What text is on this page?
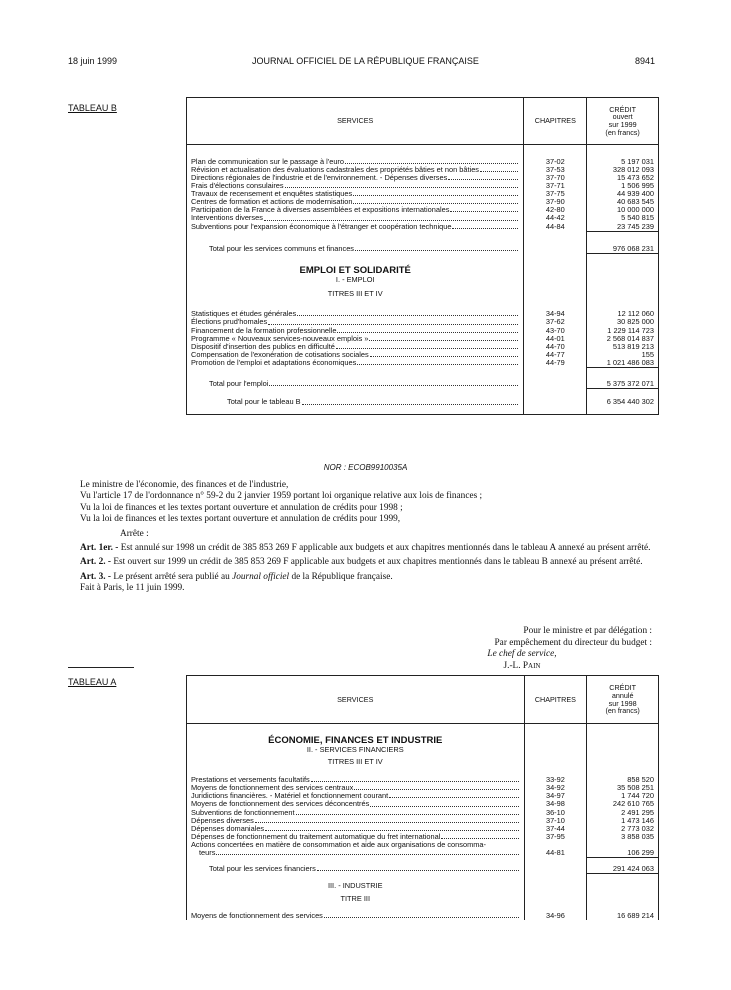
18 juin 1999	JOURNAL OFFICIEL DE LA RÉPUBLIQUE FRANÇAISE	8941
TABLEAU B
SERVICES	CHAPITRES	CRÉDIT
ouvert
sur 1999
(en francs)

Plan de communication sur le passage à l'euro	37-02	5 197 031

Révision et actualisation des évaluations cadastrales des propriétés bâties et non bâties	37-53	328 012 093

Directions régionales de l'industrie et de l'environnement. - Dépenses diverses	37-70	15 473 652

Frais d'élections consulaires	37-71	1 506 995

Travaux de recensement et enquêtes statistiques	37-75	44 939 400

Centres de formation et actions de modernisation	37-90	40 683 545

Participation de la France à diverses assemblées et expositions internationales	42-80	10 000 000

Interventions diverses	44-42	5 540 815

Subventions pour l'expansion économique à l'étranger et coopération technique	44-84	23 745 239

Total pour les services communs et finances		976 068 231

EMPLOI ET SOLIDARITÉ		
I. - EMPLOI		
TITRES III ET IV		

Statistiques et études générales	34-94	12 112 060

Élections prud'homales	37-62	30 825 000

Financement de la formation professionnelle	43-70	1 229 114 723

Programme « Nouveaux services-nouveaux emplois »	44-01	2 568 014 837

Dispositif d'insertion des publics en difficulté	44-70	513 819 213

Compensation de l'exonération de cotisations sociales	44-77	155

Promotion de l'emploi et adaptations économiques	44-79	1 021 486 083

Total pour l'emploi		5 375 372 071

Total pour le tableau B		6 354 440 302
NOR : ECOB9910035A

Le ministre de l'économie, des finances et de l'industrie,

Vu l'article 17 de l'ordonnance n° 59-2 du 2 janvier 1959 portant loi organique relative aux lois de finances ;

Vu la loi de finances et les textes portant ouverture et annulation de crédits pour 1998 ;

Vu la loi de finances et les textes portant ouverture et annulation de crédits pour 1999,

Arrête :

Art. 1er. - Est annulé sur 1998 un crédit de 385 853 269 F applicable aux budgets et aux chapitres mentionnés dans le tableau A annexé au présent arrêté.

Art. 2. - Est ouvert sur 1999 un crédit de 385 853 269 F applicable aux budgets et aux chapitres mentionnés dans le tableau B annexé au présent arrêté.

Art. 3. - Le présent arrêté sera publié au Journal officiel de la République française.

Fait à Paris, le 11 juin 1999.

Pour le ministre et par délégation :
Par empêchement du directeur du budget :
Le chef de service,
J.-L. Pain
TABLEAU A
SERVICES	CHAPITRES	CRÉDIT
annulé
sur 1998
(en francs)

ÉCONOMIE, FINANCES ET INDUSTRIE		
II. - SERVICES FINANCIERS		
TITRES III ET IV		

Prestations et versements facultatifs	33-92	858 520

Moyens de fonctionnement des services centraux	34-92	35 508 251

Juridictions financières. - Matériel et fonctionnement courant	34-97	1 744 720

Moyens de fonctionnement des services déconcentrés	34-98	242 610 765

Subventions de fonctionnement	36-10	2 491 295

Dépenses diverses	37-10	1 473 146

Dépenses domaniales	37-44	2 773 032

Dépenses de fonctionnement du traitement automatique du fret international	37-95	3 858 035

Actions concertées en matière de consommation et aide aux organisations de consomma-
teurs	44-81	106 299

Total pour les services financiers		291 424 063

III. - INDUSTRIE		
TITRE III		

Moyens de fonctionnement des services	34-96	16 689 214
